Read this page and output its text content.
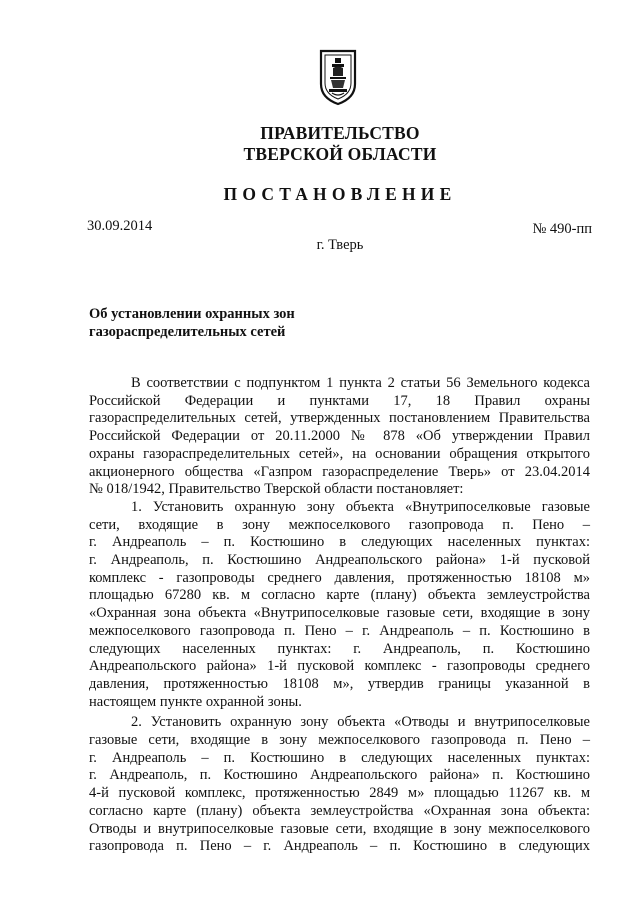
ПРАВИТЕЛЬСТВО
ТВЕРСКОЙ ОБЛАСТИ
ПОСТАНОВЛЕНИЕ
30.09.2014	№ 490-пп
г. Тверь
Об установлении охранных зон
газораспределительных сетей
В соответствии с подпунктом 1 пункта 2 статьи 56 Земельного кодекса
Российской Федерации и пунктами 17, 18 Правил охраны
газораспределительных сетей, утвержденных постановлением Правительства
Российской Федерации от 20.11.2000 № 878 «Об утверждении Правил
охраны газораспределительных сетей», на основании обращения открытого
акционерного общества «Газпром газораспределение Тверь» от 23.04.2014
№ 018/1942, Правительство Тверской области постановляет:
1. Установить охранную зону объекта «Внутрипоселковые газовые
сети, входящие в зону межпоселкового газопровода п. Пено –
г. Андреаполь – п. Костюшино в следующих населенных пунктах:
г. Андреаполь, п. Костюшино Андреапольского района» 1-й пусковой
комплекс - газопроводы среднего давления, протяженностью 18108 м»
площадью 67280 кв. м согласно карте (плану) объекта землеустройства
«Охранная зона объекта «Внутрипоселковые газовые сети, входящие в зону
межпоселкового газопровода п. Пено – г. Андреаполь – п. Костюшино в
следующих населенных пунктах: г. Андреаполь, п. Костюшино
Андреапольского района» 1-й пусковой комплекс - газопроводы среднего
давления, протяженностью 18108 м», утвердив границы указанной в
настоящем пункте охранной зоны.
2. Установить охранную зону объекта «Отводы и внутрипоселковые
газовые сети, входящие в зону межпоселкового газопровода п. Пено –
г. Андреаполь – п. Костюшино в следующих населенных пунктах:
г. Андреаполь, п. Костюшино Андреапольского района» п. Костюшино
4-й пусковой комплекс, протяженностью 2849 м» площадью 11267 кв. м
согласно карте (плану) объекта землеустройства «Охранная зона объекта:
Отводы и внутрипоселковые газовые сети, входящие в зону межпоселкового
газопровода п. Пено – г. Андреаполь – п. Костюшино в следующих
